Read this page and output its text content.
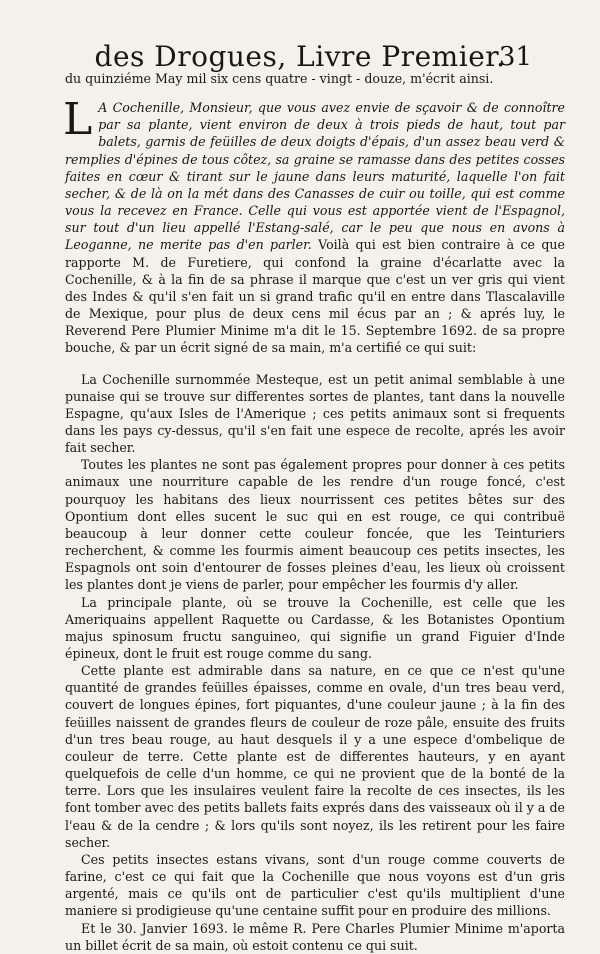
des Drogues, Livre Premier.
31

du quinziéme May mil six cens quatre - vingt - douze, m'écrit ainsi.

L A Cochenille, Monsieur, que vous avez envie de sçavoir & de connoître par sa plante, vient environ de deux à trois pieds de haut, tout par balets, garnis de feüilles de deux doigts d'épais, d'un assez beau verd & remplies d'épines de tous côtez, sa graine se ramasse dans des petites cosses faites en cœur & tirant sur le jaune dans leurs maturité, laquelle l'on fait secher, & de là on la mét dans des Canasses de cuir ou toille, qui est comme vous la recevez en France. Celle qui vous est apportée vient de l'Espagnol, sur tout d'un lieu appellé l'Estang-salé, car le peu que nous en avons à Leoganne, ne merite pas d'en parler. Voilà qui est bien contraire à ce que rapporte M. de Furetiere, qui confond la graine d'écarlatte avec la Cochenille, & à la fin de sa phrase il marque que c'est un ver gris qui vient des Indes & qu'il s'en fait un si grand trafic qu'il en entre dans Tlascalaville de Mexique, pour plus de deux cens mil écus par an ; & aprés luy, le Reverend Pere Plumier Minime m'a dit le 15. Septembre 1692. de sa propre bouche, & par un écrit signé de sa main, m'a certifié ce qui suit:

La Cochenille surnommée Mesteque, est un petit animal semblable à une punaise qui se trouve sur differentes sortes de plantes, tant dans la nouvelle Espagne, qu'aux Isles de l'Amerique ; ces petits animaux sont si frequents dans les pays cy-dessus, qu'il s'en fait une espece de recolte, aprés les avoir fait secher.

Toutes les plantes ne sont pas également propres pour donner à ces petits animaux une nourriture capable de les rendre d'un rouge foncé, c'est pourquoy les habitans des lieux nourrissent ces petites bêtes sur des Opontium dont elles sucent le suc qui en est rouge, ce qui contribuë beaucoup à leur donner cette couleur foncée, que les Teinturiers recherchent, & comme les fourmis aiment beaucoup ces petits insectes, les Espagnols ont soin d'entourer de fosses pleines d'eau, les lieux où croissent les plantes dont je viens de parler, pour empêcher les fourmis d'y aller.

La principale plante, où se trouve la Cochenille, est celle que les Ameriquains appellent Raquette ou Cardasse, & les Botanistes Opontium majus spinosum fructu sanguineo, qui signifie un grand Figuier d'Inde épineux, dont le fruit est rouge comme du sang.

Cette plante est admirable dans sa nature, en ce que ce n'est qu'une quantité de grandes feüilles épaisses, comme en ovale, d'un tres beau verd, couvert de longues épines, fort piquantes, d'une couleur jaune ; à la fin des feüilles naissent de grandes fleurs de couleur de roze pâle, ensuite des fruits d'un tres beau rouge, au haut desquels il y a une espece d'ombelique de couleur de terre. Cette plante est de differentes hauteurs, y en ayant quelquefois de celle d'un homme, ce qui ne provient que de la bonté de la terre. Lors que les insulaires veulent faire la recolte de ces insectes, ils les font tomber avec des petits ballets faits exprés dans des vaisseaux où il y a de l'eau & de la cendre ; & lors qu'ils sont noyez, ils les retirent pour les faire secher.

Ces petits insectes estans vivans, sont d'un rouge comme couverts de farine, c'est ce qui fait que la Cochenille que nous voyons est d'un gris argenté, mais ce qu'ils ont de particulier c'est qu'ils multiplient d'une maniere si prodigieuse qu'une centaine suffit pour en produire des millions.

Et le 30. Janvier 1693. le même R. Pere Charles Plumier Minime m'aporta un billet écrit de sa main, où estoit contenu ce qui suit.
